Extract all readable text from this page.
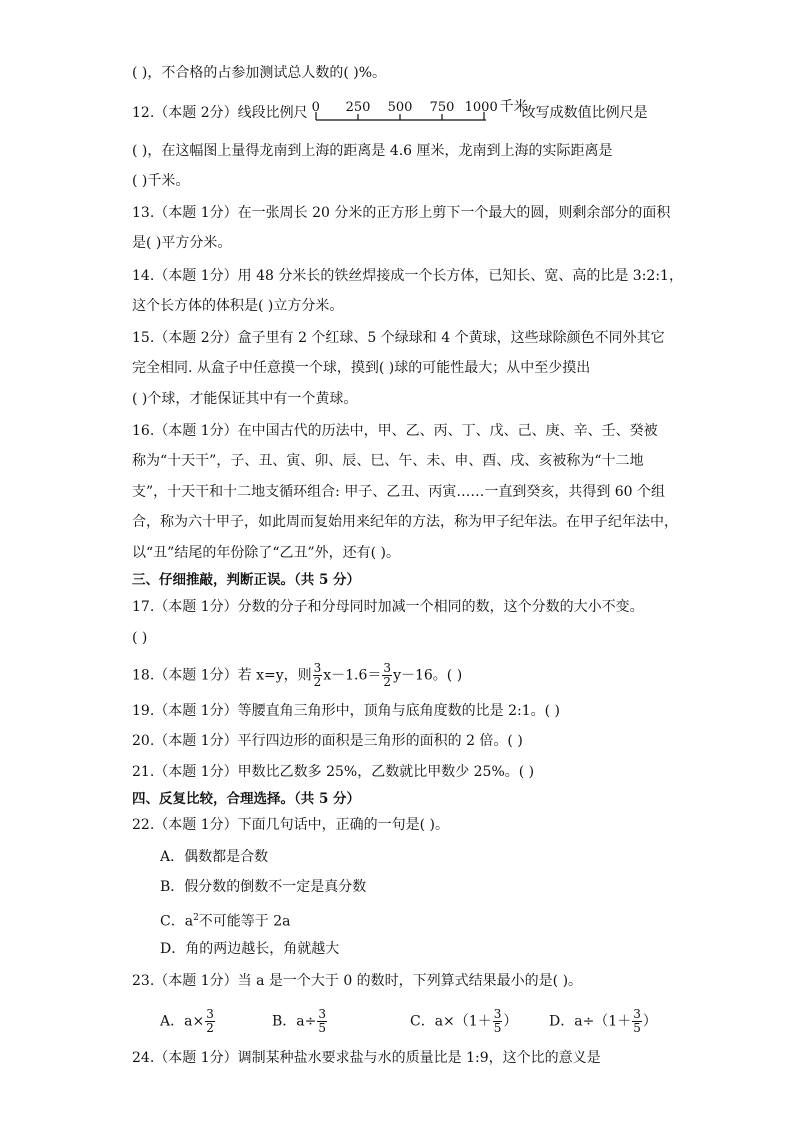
( )，不合格的占参加测试总人数的( )%。
12.（本题 2分）线段比例尺 0 250 500 750 1000 千米
改写成数值比例尺是
( )，在这幅图上量得龙南到上海的距离是 4.6 厘米，龙南到上海的实际距离是
( )千米。
13.（本题 1分）在一张周长 20 分米的正方形上剪下一个最大的圆，则剩余部分的面积
是( )平方分米。
14.（本题 1分）用 48 分米长的铁丝焊接成一个长方体，已知长、宽、高的比是 3:2:1，
这个长方体的体积是( )立方分米。
15.（本题 2分）盒子里有 2 个红球、5 个绿球和 4 个黄球，这些球除颜色不同外其它
完全相同. 从盒子中任意摸一个球，摸到( )球的可能性最大；从中至少摸出
( )个球，才能保证其中有一个黄球。
16.（本题 1分）在中国古代的历法中，甲、乙、丙、丁、戊、己、庚、辛、壬、癸被
称为“十天干”，子、丑、寅、卯、辰、巳、午、未、申、酉、戌、亥被称为“十二地
支”，十天干和十二地支循环组合: 甲子、乙丑、丙寅……一直到癸亥，共得到 60 个组
合，称为六十甲子，如此周而复始用来纪年的方法，称为甲子纪年法。在甲子纪年法中，
以“丑”结尾的年份除了“乙丑”外，还有( )。
三、仔细推敲，判断正误。（共 5 分）
17.（本题 1分）分数的分子和分母同时加减一个相同的数，这个分数的大小不变。
( )
18.（本题 1分）若 x=y，则 $\frac{3}{2} x-1.6= \frac{3}{2} y-16$。( )
19.（本题 1分）等腰直角三角形中，顶角与底角度数的比是 2:1。( )
20.（本题 1分）平行四边形的面积是三角形的面积的 2 倍。( )
21.（本题 1分）甲数比乙数多 25%，乙数就比甲数少 25%。( )
四、反复比较，合理选择。（共 5 分）
22.（本题 1分）下面几句话中，正确的一句是( )。
A．偶数都是合数
B．假分数的倒数不一定是真分数
C．$a^2$不可能等于 2a
D．角的两边越长，角就越大
23.（本题 1分）当 a 是一个大于 0 的数时，下列算式结果最小的是( )。
A．$a\times \frac{3}{2}$	B．$a\div \frac{3}{5}$	C．$a\times(1+ \frac{3}{5}$ ） D．$a\div(1+ \frac{3}{5}$ ）
24.（本题 1分）调制某种盐水要求盐与水的质量比是 1:9，这个比的意义是
